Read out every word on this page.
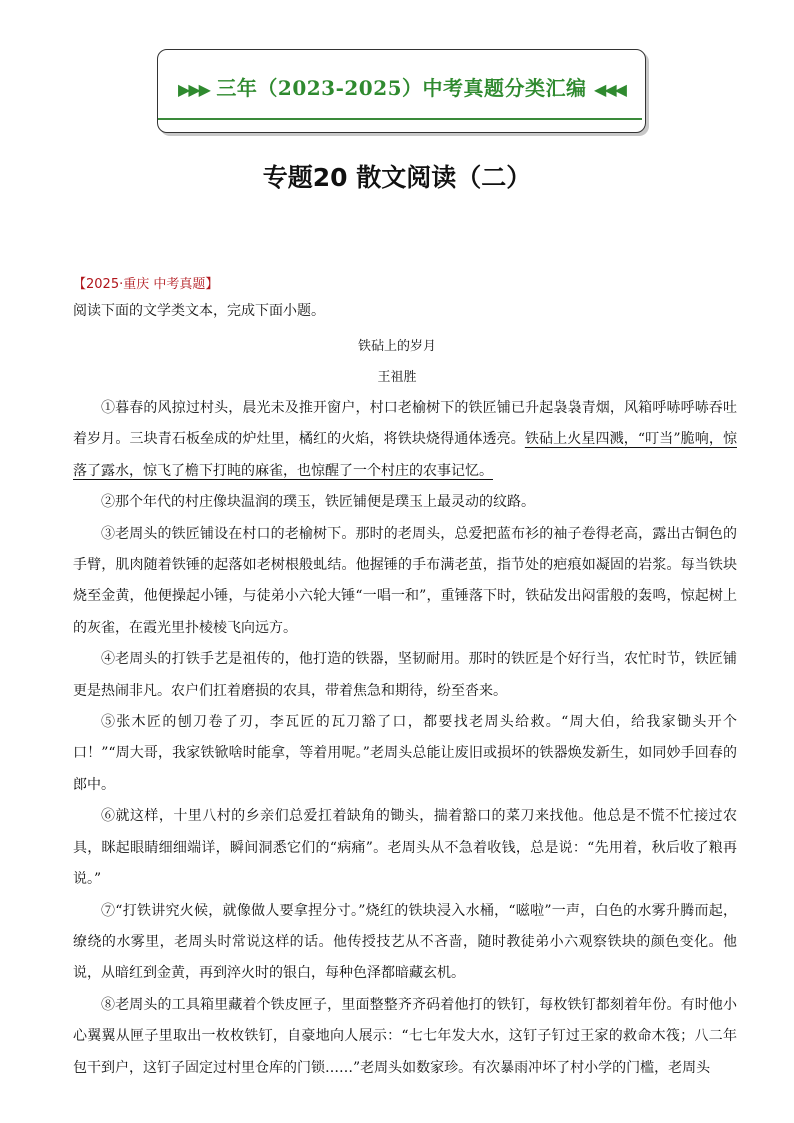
▶▶▶ 三年（2023-2025）中考真题分类汇编 ◀◀◀
专题20 散文阅读（二）
【2025·重庆 中考真题】
阅读下面的文学类文本，完成下面小题。
铁砧上的岁月
王祖胜

①暮春的风掠过村头，晨光未及推开窗户，村口老榆树下的铁匠铺已升起袅袅青烟，风箱呼哧呼哧吞吐着岁月。三块青石板垒成的炉灶里，橘红的火焰，将铁块烧得通体透亮。铁砧上火星四溅，“叮当”脆响，惊落了露水，惊飞了檐下打盹的麻雀，也惊醒了一个村庄的农事记忆。

②那个年代的村庄像块温润的璞玉，铁匠铺便是璞玉上最灵动的纹路。

③老周头的铁匠铺设在村口的老榆树下。那时的老周头，总爱把蓝布衫的袖子卷得老高，露出古铜色的手臂，肌肉随着铁锤的起落如老树根般虬结。他握锤的手布满老茧，指节处的疤痕如凝固的岩浆。每当铁块烧至金黄，他便操起小锤，与徒弟小六轮大锤“一唱一和”，重锤落下时，铁砧发出闷雷般的轰鸣，惊起树上的灰雀，在霞光里扑棱棱飞向远方。

④老周头的打铁手艺是祖传的，他打造的铁器，坚韧耐用。那时的铁匠是个好行当，农忙时节，铁匠铺更是热闹非凡。农户们扛着磨损的农具，带着焦急和期待，纷至沓来。

⑤张木匠的刨刀卷了刃，李瓦匠的瓦刀豁了口，都要找老周头给救。“周大伯，给我家锄头开个口！”“周大哥，我家铁锨啥时能拿，等着用呢。”老周头总能让废旧或损坏的铁器焕发新生，如同妙手回春的郎中。

⑥就这样，十里八村的乡亲们总爱扛着缺角的锄头，揣着豁口的菜刀来找他。他总是不慌不忙接过农具，眯起眼睛细细端详，瞬间洞悉它们的“病痛”。老周头从不急着收钱，总是说：“先用着，秋后收了粮再说。”

⑦“打铁讲究火候，就像做人要拿捏分寸。”烧红的铁块浸入水桶，“嗞啦”一声，白色的水雾升腾而起，缭绕的水雾里，老周头时常说这样的话。他传授技艺从不吝啬，随时教徒弟小六观察铁块的颜色变化。他说，从暗红到金黄，再到淬火时的银白，每种色泽都暗藏玄机。

⑧老周头的工具箱里藏着个铁皮匣子，里面整整齐齐码着他打的铁钉，每枚铁钉都刻着年份。有时他小心翼翼从匣子里取出一枚枚铁钉，自豪地向人展示：“七七年发大水，这钉子钉过王家的救命木筏；八二年包干到户，这钉子固定过村里仓库的门锁……”老周头如数家珍。有次暴雨冲坏了村小学的门槛，老周头
